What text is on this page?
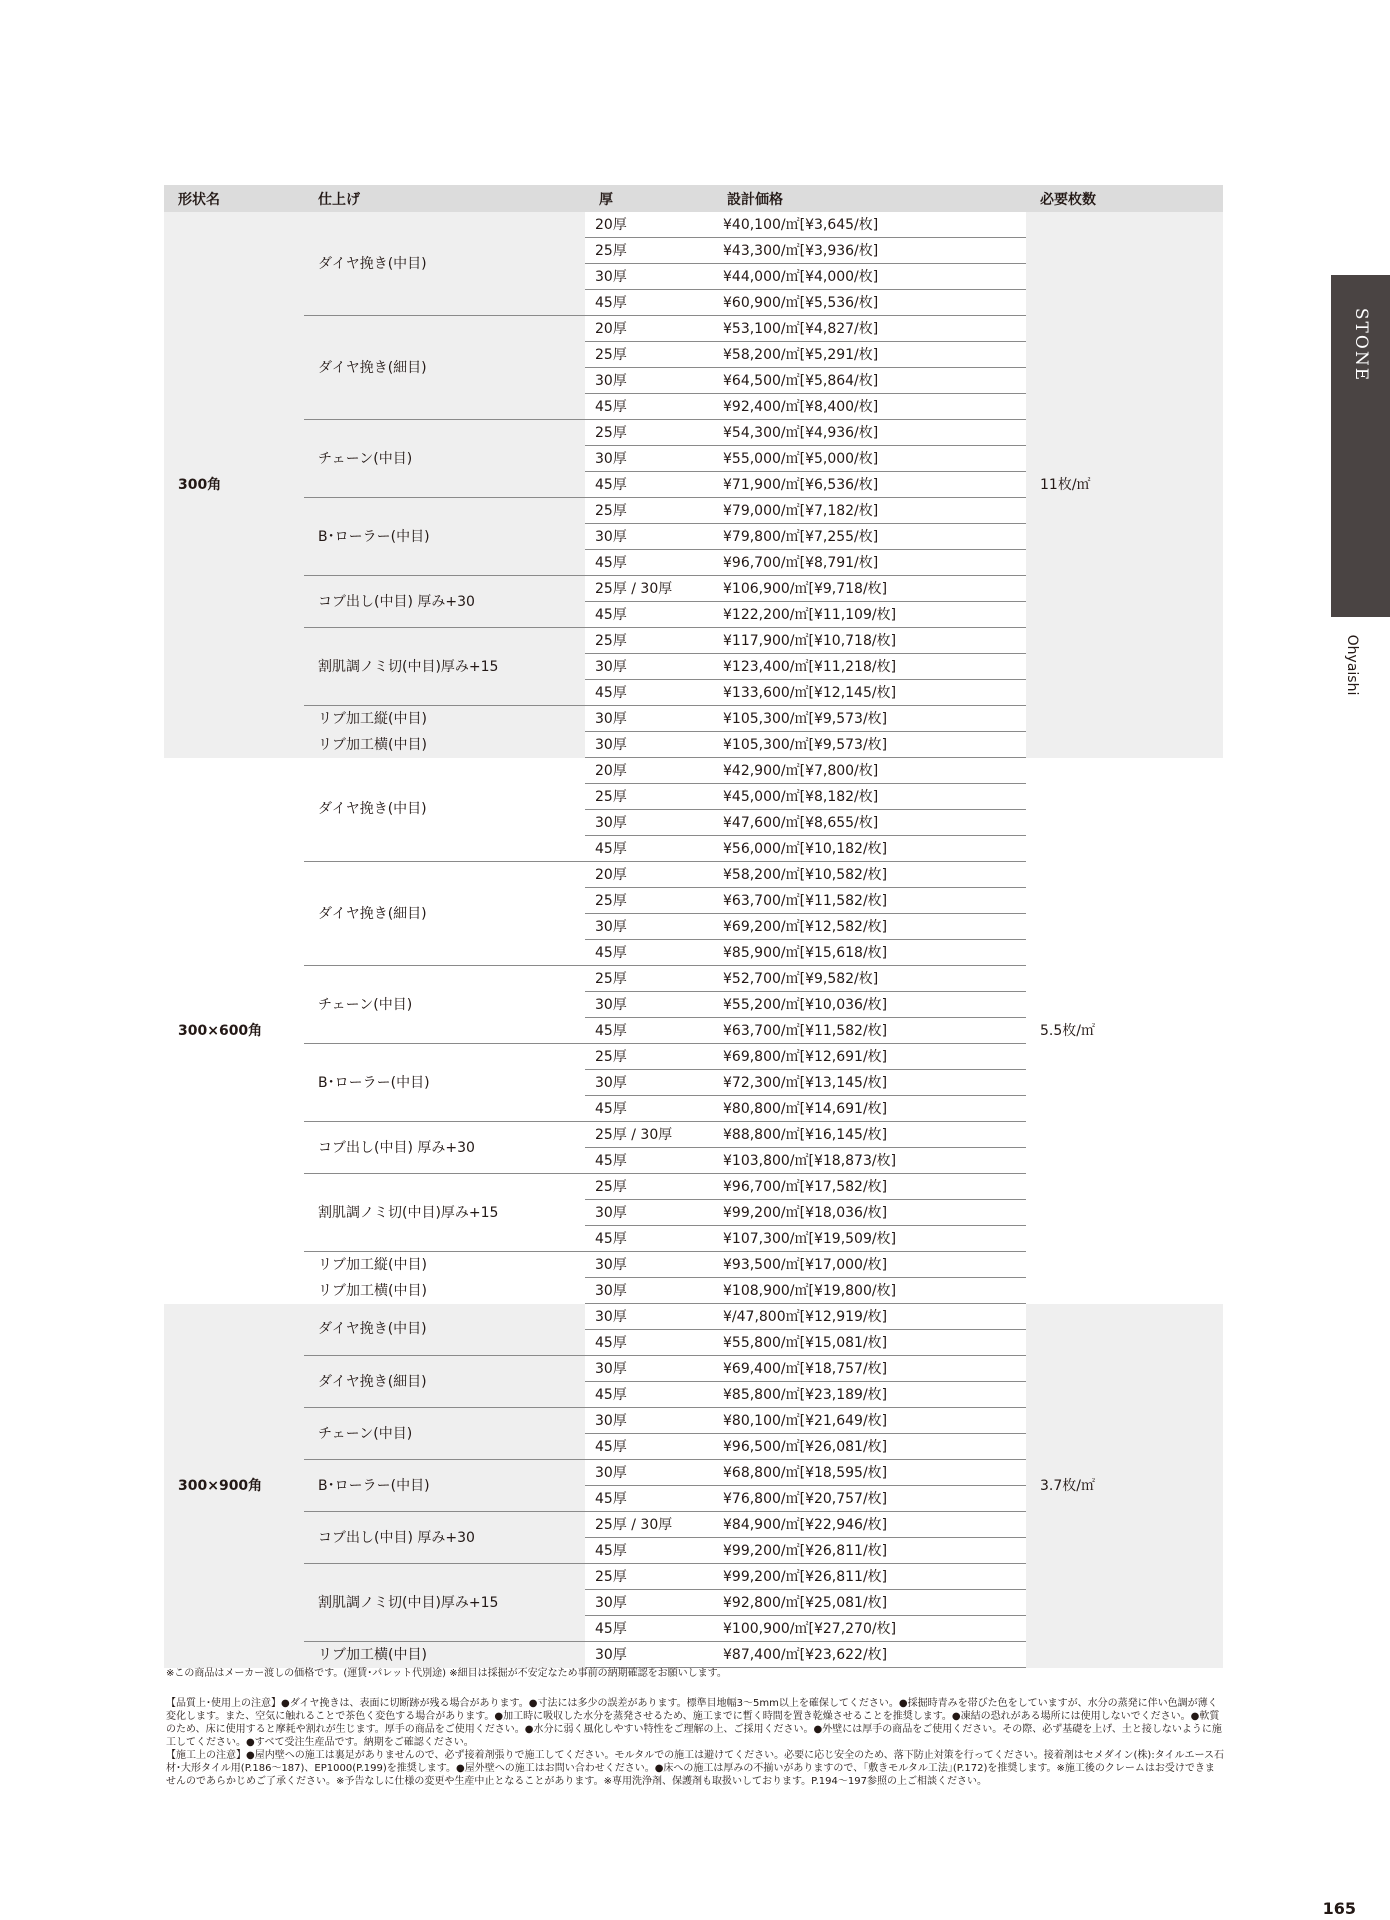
形状名	仕上げ	厚	設計価格	必要枚数
300角	ダイヤ挽き(中目)	20厚	¥40,100/㎡[¥3,645/枚]	11枚/㎡
		25厚	¥43,300/㎡[¥3,936/枚]	
		30厚	¥44,000/㎡[¥4,000/枚]	
		45厚	¥60,900/㎡[¥5,536/枚]	
	ダイヤ挽き(細目)	20厚	¥53,100/㎡[¥4,827/枚]	
		25厚	¥58,200/㎡[¥5,291/枚]	
		30厚	¥64,500/㎡[¥5,864/枚]	
		45厚	¥92,400/㎡[¥8,400/枚]	
	チェーン(中目)	25厚	¥54,300/㎡[¥4,936/枚]	
		30厚	¥55,000/㎡[¥5,000/枚]	
		45厚	¥71,900/㎡[¥6,536/枚]	
	B･ローラー(中目)	25厚	¥79,000/㎡[¥7,182/枚]	
		30厚	¥79,800/㎡[¥7,255/枚]	
		45厚	¥96,700/㎡[¥8,791/枚]	
	コブ出し(中目) 厚み+30	25厚 / 30厚	¥106,900/㎡[¥9,718/枚]	
		45厚	¥122,200/㎡[¥11,109/枚]	
	割肌調ノミ切(中目)厚み+15	25厚	¥117,900/㎡[¥10,718/枚]	
		30厚	¥123,400/㎡[¥11,218/枚]	
		45厚	¥133,600/㎡[¥12,145/枚]	
	リブ加工縦(中目)	30厚	¥105,300/㎡[¥9,573/枚]	
	リブ加工横(中目)	30厚	¥105,300/㎡[¥9,573/枚]	
300×600角	ダイヤ挽き(中目)	20厚	¥42,900/㎡[¥7,800/枚]	5.5枚/㎡
		25厚	¥45,000/㎡[¥8,182/枚]	
		30厚	¥47,600/㎡[¥8,655/枚]	
		45厚	¥56,000/㎡[¥10,182/枚]	
	ダイヤ挽き(細目)	20厚	¥58,200/㎡[¥10,582/枚]	
		25厚	¥63,700/㎡[¥11,582/枚]	
		30厚	¥69,200/㎡[¥12,582/枚]	
		45厚	¥85,900/㎡[¥15,618/枚]	
	チェーン(中目)	25厚	¥52,700/㎡[¥9,582/枚]	
		30厚	¥55,200/㎡[¥10,036/枚]	
		45厚	¥63,700/㎡[¥11,582/枚]	
	B･ローラー(中目)	25厚	¥69,800/㎡[¥12,691/枚]	
		30厚	¥72,300/㎡[¥13,145/枚]	
		45厚	¥80,800/㎡[¥14,691/枚]	
	コブ出し(中目) 厚み+30	25厚 / 30厚	¥88,800/㎡[¥16,145/枚]	
		45厚	¥103,800/㎡[¥18,873/枚]	
	割肌調ノミ切(中目)厚み+15	25厚	¥96,700/㎡[¥17,582/枚]	
		30厚	¥99,200/㎡[¥18,036/枚]	
		45厚	¥107,300/㎡[¥19,509/枚]	
	リブ加工縦(中目)	30厚	¥93,500/㎡[¥17,000/枚]	
	リブ加工横(中目)	30厚	¥108,900/㎡[¥19,800/枚]	
300×900角	ダイヤ挽き(中目)	30厚	¥/47,800㎡[¥12,919/枚]	3.7枚/㎡
		45厚	¥55,800/㎡[¥15,081/枚]	
	ダイヤ挽き(細目)	30厚	¥69,400/㎡[¥18,757/枚]	
		45厚	¥85,800/㎡[¥23,189/枚]	
	チェーン(中目)	30厚	¥80,100/㎡[¥21,649/枚]	
		45厚	¥96,500/㎡[¥26,081/枚]	
	B･ローラー(中目)	30厚	¥68,800/㎡[¥18,595/枚]	
		45厚	¥76,800/㎡[¥20,757/枚]	
	コブ出し(中目) 厚み+30	25厚 / 30厚	¥84,900/㎡[¥22,946/枚]	
		45厚	¥99,200/㎡[¥26,811/枚]	
	割肌調ノミ切(中目)厚み+15	25厚	¥99,200/㎡[¥26,811/枚]	
		30厚	¥92,800/㎡[¥25,081/枚]	
		45厚	¥100,900/㎡[¥27,270/枚]	
	リブ加工横(中目)	30厚	¥87,400/㎡[¥23,622/枚]	
STONE
Ohyaishi
※この商品はメーカー渡しの価格です。(運賃･パレット代別途) ※細目は採掘が不安定なため事前の納期確認をお願いします。

【品質上･使用上の注意】●ダイヤ挽きは、表面に切断跡が残る場合があります。●寸法には多少の誤差があります。標準目地幅3～5mm以上を確保してください。●採掘時青みを帯びた色をしていますが、水分の蒸発に伴い色調が薄く変化します。また、空気に触れることで茶色く変色する場合があります。●加工時に吸収した水分を蒸発させるため、施工までに暫く時間を置き乾燥させることを推奨します。●凍結の恐れがある場所には使用しないでください。●軟質のため、床に使用すると摩耗や割れが生じます。厚手の商品をご使用ください。●水分に弱く風化しやすい特性をご理解の上、ご採用ください。●外壁には厚手の商品をご使用ください。その際、必ず基礎を上げ、土と接しないように施工してください。●すべて受注生産品です。納期をご確認ください。

【施工上の注意】●屋内壁への施工は裏足がありませんので、必ず接着剤張りで施工してください。モルタルでの施工は避けてください。必要に応じ安全のため、落下防止対策を行ってください。接着剤はセメダイン(株):タイルエース石材･大形タイル用(P.186～187)、EP1000(P.199)を推奨します。●屋外壁への施工はお問い合わせください。●床への施工は厚みの不揃いがありますので、｢敷きモルタル工法｣(P.172)を推奨します。※施工後のクレームはお受けできませんのであらかじめご了承ください。※予告なしに仕様の変更や生産中止となることがあります。※専用洗浄剤、保護剤も取扱いしております。P.194～197参照の上ご相談ください。

165
